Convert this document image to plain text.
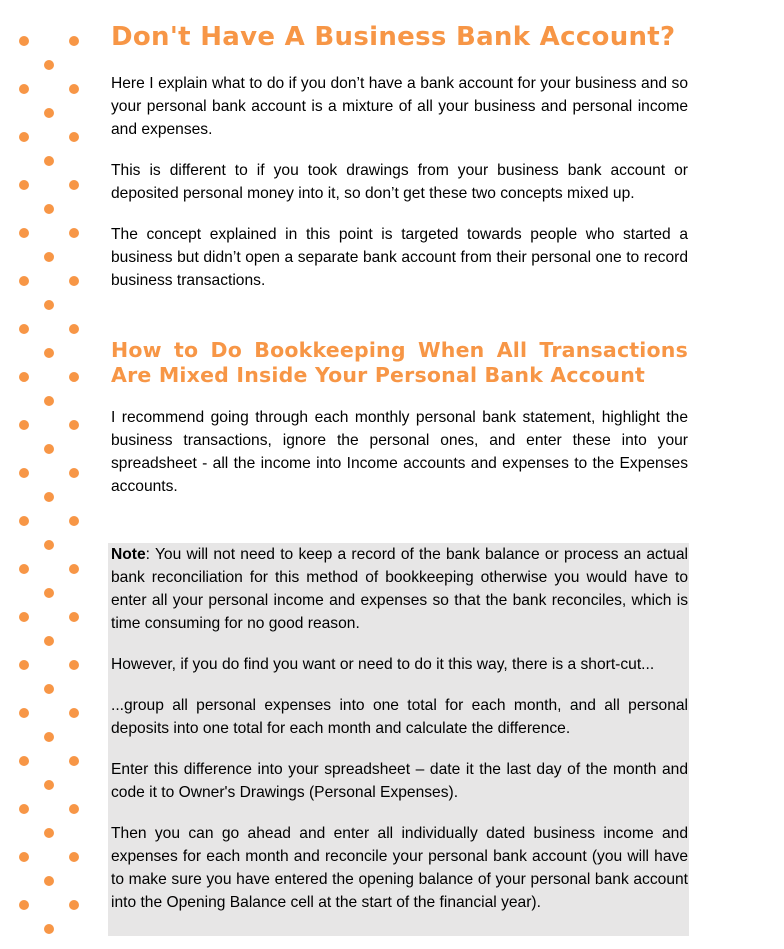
Don't Have A Business Bank Account?

Here I explain what to do if you don’t have a bank account for your business and so your personal bank account is a mixture of all your business and personal income and expenses.

This is different to if you took drawings from your business bank account or deposited personal money into it, so don’t get these two concepts mixed up.

The concept explained in this point is targeted towards people who started a business but didn’t open a separate bank account from their personal one to record business transactions.

How to Do Bookkeeping When All Transactions Are Mixed Inside Your Personal Bank Account

I recommend going through each monthly personal bank statement, highlight the business transactions, ignore the personal ones, and enter these into your spreadsheet - all the income into Income accounts and expenses to the Expenses accounts.

Note: You will not need to keep a record of the bank balance or process an actual bank reconciliation for this method of bookkeeping otherwise you would have to enter all your personal income and expenses so that the bank reconciles, which is time consuming for no good reason.

However, if you do find you want or need to do it this way, there is a short-cut...

...group all personal expenses into one total for each month, and all personal deposits into one total for each month and calculate the difference.

Enter this difference into your spreadsheet – date it the last day of the month and code it to Owner's Drawings (Personal Expenses).

Then you can go ahead and enter all individually dated business income and expenses for each month and reconcile your personal bank account (you will have to make sure you have entered the opening balance of your personal bank account into the Opening Balance cell at the start of the financial year).
